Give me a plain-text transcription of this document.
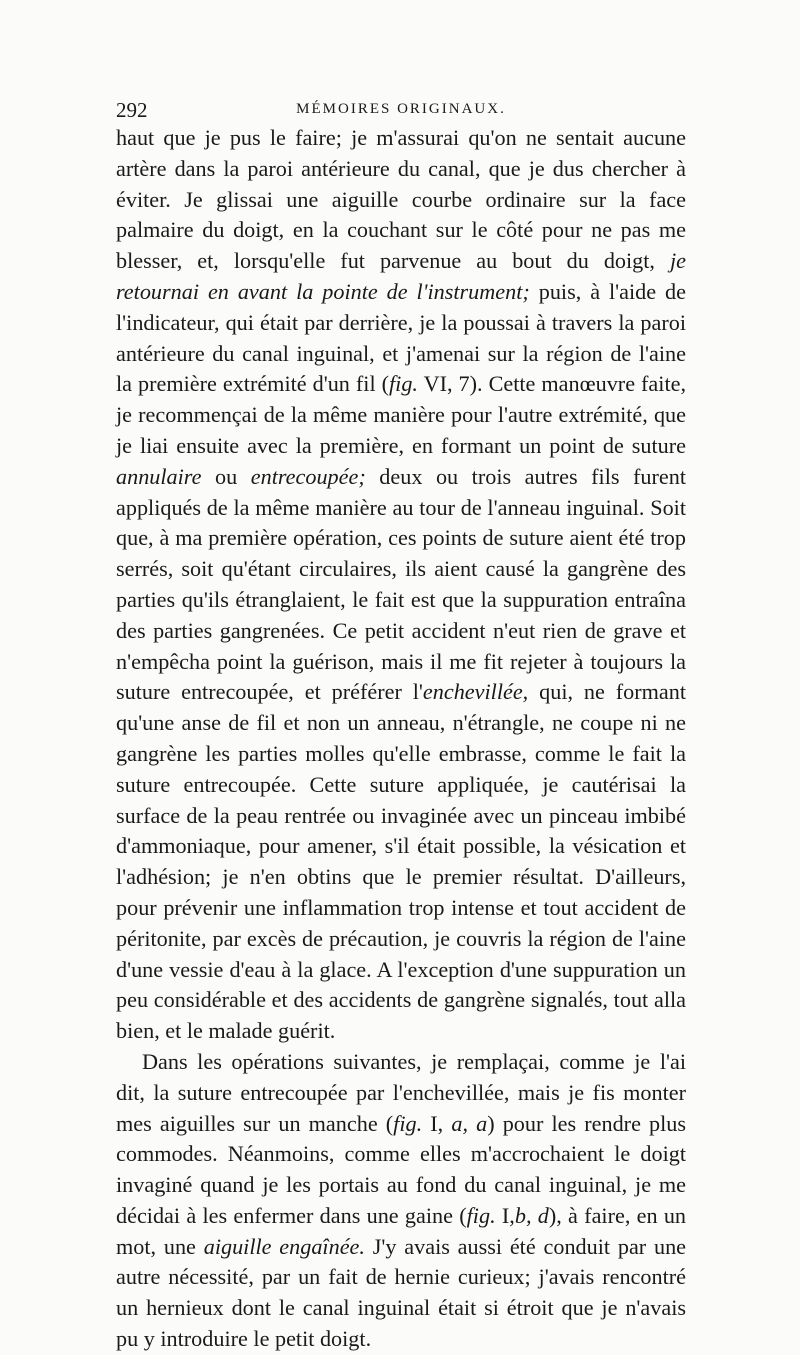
292	MÉMOIRES ORIGINAUX.

haut que je pus le faire; je m'assurai qu'on ne sentait aucune artère dans la paroi antérieure du canal, que je dus chercher à éviter. Je glissai une aiguille courbe ordinaire sur la face palmaire du doigt, en la couchant sur le côté pour ne pas me blesser, et, lorsqu'elle fut parvenue au bout du doigt, je retournai en avant la pointe de l'instrument; puis, à l'aide de l'indicateur, qui était par derrière, je la poussai à travers la paroi antérieure du canal inguinal, et j'amenai sur la région de l'aine la première extrémité d'un fil (fig. VI, 7). Cette manœuvre faite, je recommençai de la même manière pour l'autre extrémité, que je liai ensuite avec la première, en formant un point de suture annulaire ou entrecoupée; deux ou trois autres fils furent appliqués de la même manière au tour de l'anneau inguinal. Soit que, à ma première opération, ces points de suture aient été trop serrés, soit qu'étant circulaires, ils aient causé la gangrène des parties qu'ils étranglaient, le fait est que la suppuration entraîna des parties gangrenées. Ce petit accident n'eut rien de grave et n'empêcha point la guérison, mais il me fit rejeter à toujours la suture entrecoupée, et préférer l'enchevillée, qui, ne formant qu'une anse de fil et non un anneau, n'étrangle, ne coupe ni ne gangrène les parties molles qu'elle embrasse, comme le fait la suture entrecoupée. Cette suture appliquée, je cautérisai la surface de la peau rentrée ou invaginée avec un pinceau imbibé d'ammoniaque, pour amener, s'il était possible, la vésication et l'adhésion; je n'en obtins que le premier résultat. D'ailleurs, pour prévenir une inflammation trop intense et tout accident de péritonite, par excès de précaution, je couvris la région de l'aine d'une vessie d'eau à la glace. A l'exception d'une suppuration un peu considérable et des accidents de gangrène signalés, tout alla bien, et le malade guérit.

Dans les opérations suivantes, je remplaçai, comme je l'ai dit, la suture entrecoupée par l'enchevillée, mais je fis monter mes aiguilles sur un manche (fig. I, a, a) pour les rendre plus commodes. Néanmoins, comme elles m'accrochaient le doigt invaginé quand je les portais au fond du canal inguinal, je me décidai à les enfermer dans une gaine (fig. I,b, d), à faire, en un mot, une aiguille engaînée. J'y avais aussi été conduit par une autre nécessité, par un fait de hernie curieux; j'avais rencontré un hernieux dont le canal inguinal était si étroit que je n'avais pu y introduire le petit doigt.
